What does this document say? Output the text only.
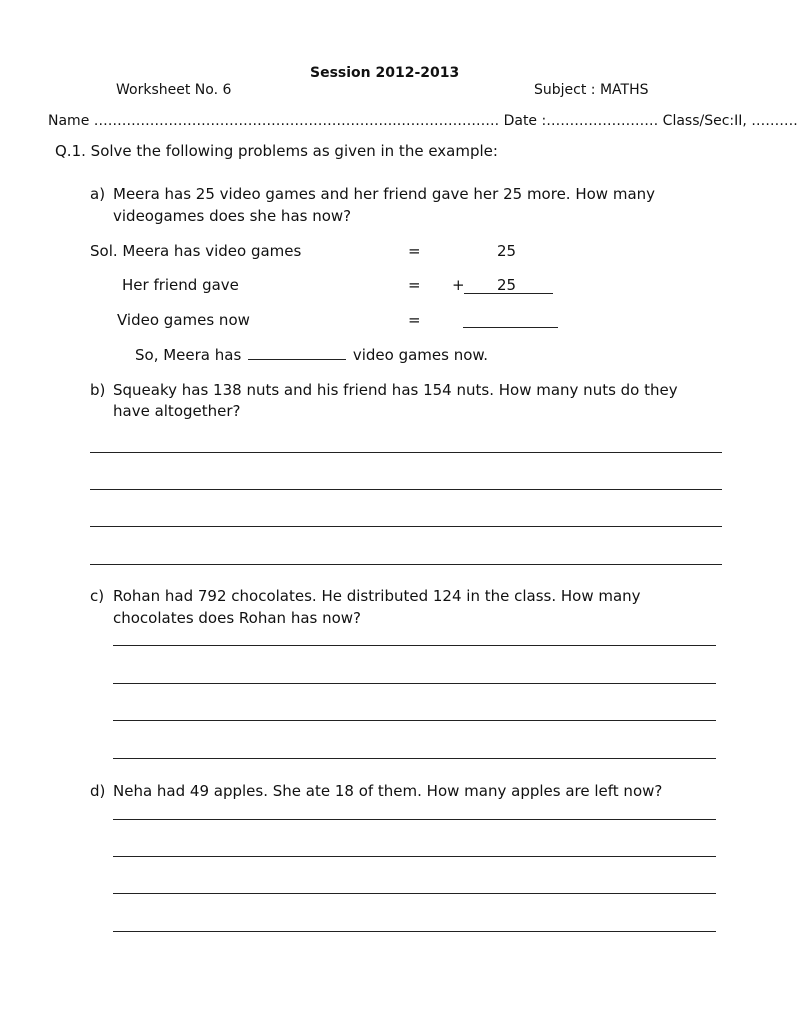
Session 2012-2013
Worksheet No. 6	Subject : MATHS
Name ………………………………………………………..…………………. Date :…………………… Class/Sec:II, ……….
Q.1. Solve the following problems as given in the example:
a) Meera has 25 video games and her friend gave her 25 more. How many
videogames does she has now?
Sol. Meera has video games	=	25
Her friend gave	= + 25
Video games now	=
So, Meera has	video games now.
b) Squeaky has 138 nuts and his friend has 154 nuts. How many nuts do they
have altogether?
c) Rohan had 792 chocolates. He distributed 124 in the class. How many
chocolates does Rohan has now?
d) Neha had 49 apples. She ate 18 of them. How many apples are left now?
